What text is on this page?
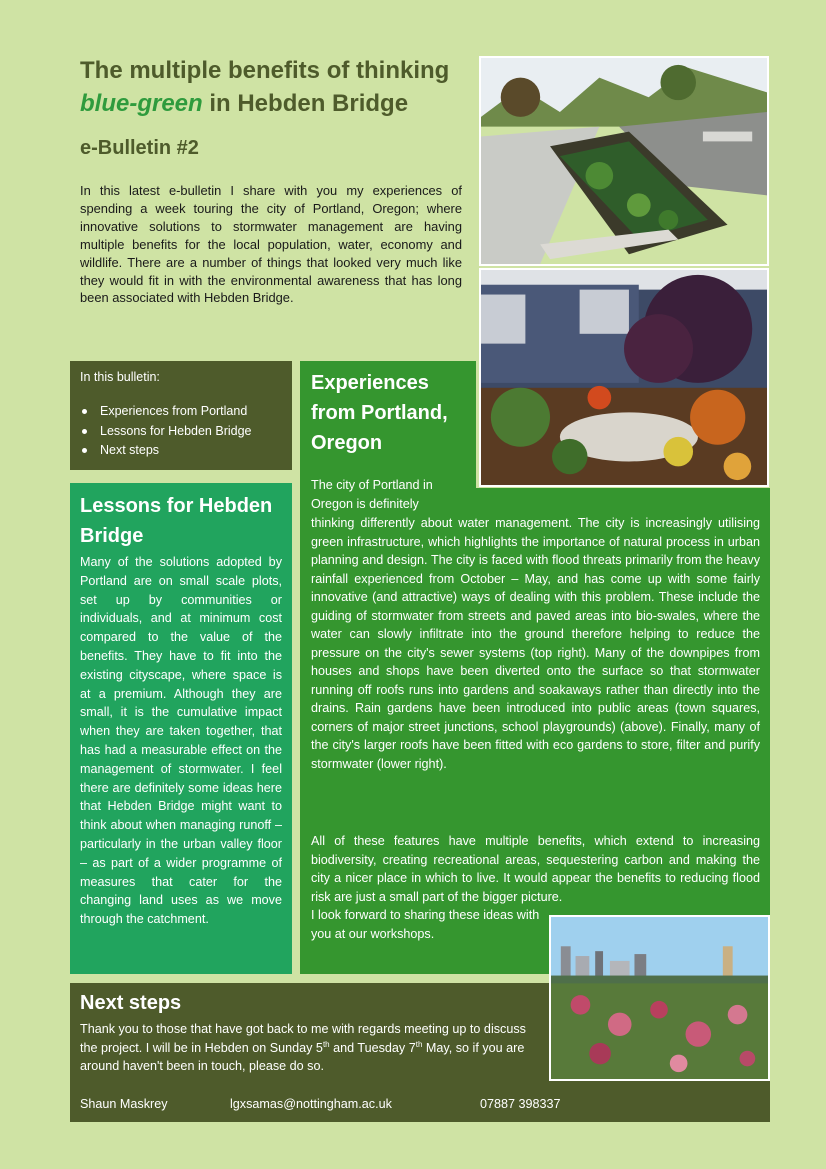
The multiple benefits of thinking
blue-green in Hebden Bridge
e-Bulletin #2

In this latest e-bulletin I share with you my experiences of spending a week touring the city of Portland, Oregon; where innovative solutions to stormwater management are having multiple benefits for the local population, water, economy and wildlife. There are a number of things that looked very much like they would fit in with the environmental awareness that has long been associated with Hebden Bridge.

In this bulletin:
Experiences from Portland
Lessons for Hebden Bridge
Next steps
Lessons for Hebden Bridge

Many of the solutions adopted by Portland are on small scale plots, set up by communities or individuals, and at minimum cost compared to the value of the benefits. They have to fit into the existing cityscape, where space is at a premium. Although they are small, it is the cumulative impact when they are taken together, that has had a measurable effect on the management of stormwater. I feel there are definitely some ideas here that Hebden Bridge might want to think about when managing runoff – particularly in the urban valley floor – as part of a wider programme of measures that cater for the changing land uses as we move through the catchment.

Experiences from Portland, Oregon

The city of Portland in Oregon is definitely

thinking differently about water management. The city is increasingly utilising green infrastructure, which highlights the importance of natural process in urban planning and design. The city is faced with flood threats primarily from the heavy rainfall experienced from October – May, and has come up with some fairly innovative (and attractive) ways of dealing with this problem. These include the guiding of stormwater from streets and paved areas into bio-swales, where the water can slowly infiltrate into the ground therefore helping to reduce the pressure on the city's sewer systems (top right). Many of the downpipes from houses and shops have been diverted onto the surface so that stormwater running off roofs runs into gardens and soakaways rather than directly into the drains. Rain gardens have been introduced into public areas (town squares, corners of major street junctions, school playgrounds) (above). Finally, many of the city's larger roofs have been fitted with eco gardens to store, filter and purify stormwater (lower right).

All of these features have multiple benefits, which extend to increasing biodiversity, creating recreational areas, sequestering carbon and making the city a nicer place in which to live. It would appear the benefits to reducing flood risk are just a small part of the bigger picture.

I look forward to sharing these ideas with you at our workshops.

Next steps

Thank you to those that have got back to me with regards meeting up to discuss the project. I will be in Hebden on Sunday 5th and Tuesday 7th May, so if you are around haven't been in touch, please do so.

Shaun Maskrey	lgxsamas@nottingham.ac.uk	07887 398337
